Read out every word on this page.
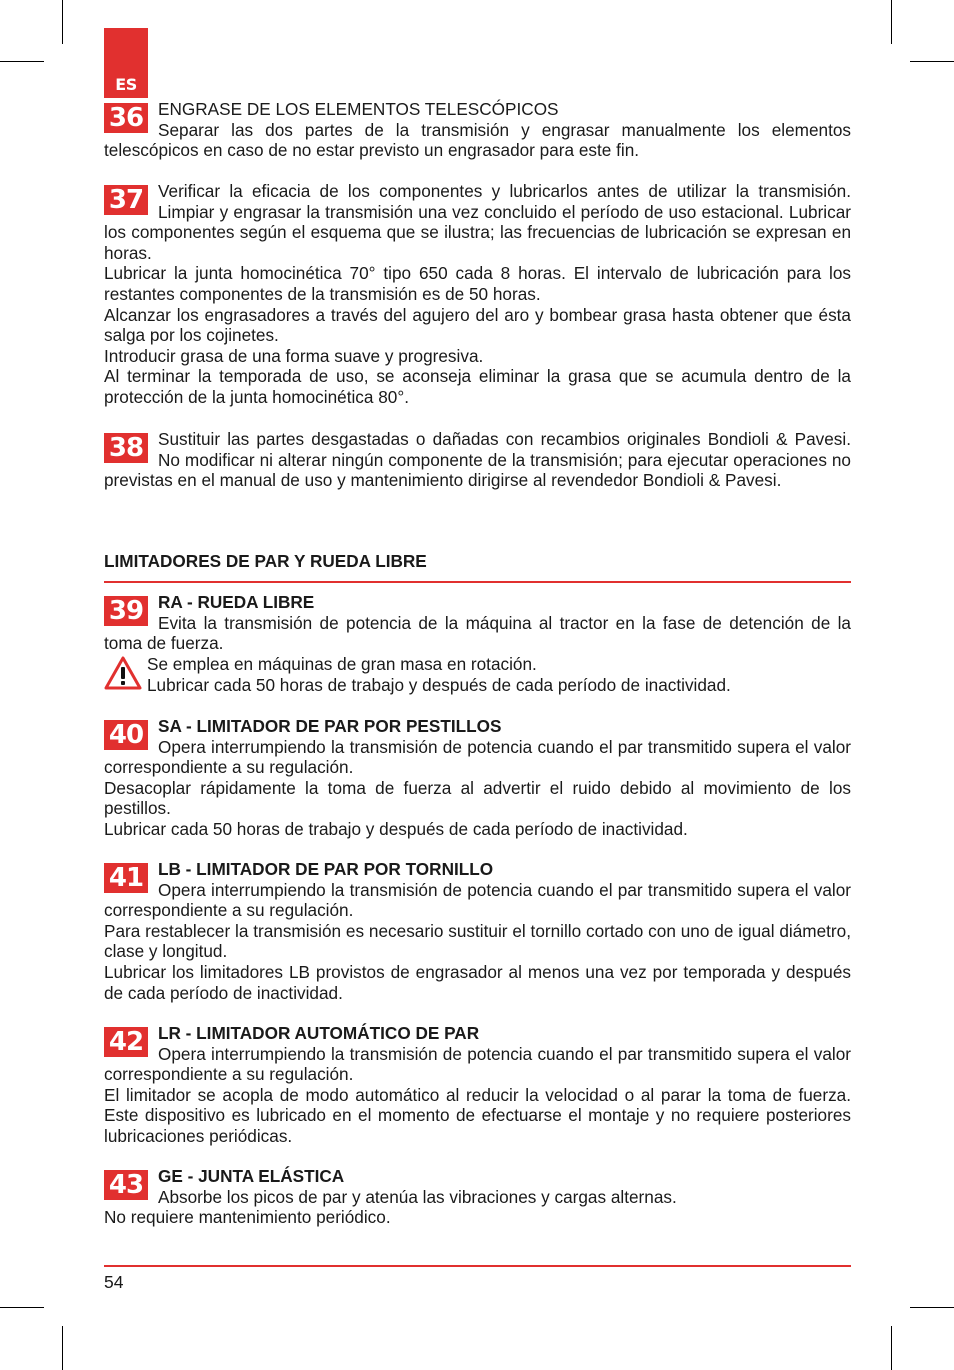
ES
36 ENGRASE DE LOS ELEMENTOS TELESCÓPICOS

Separar las dos partes de la transmisión y engrasar manualmente los elementos telescópicos en caso de no estar previsto un engrasador para este fin.

37 Verificar la eficacia de los componentes y lubricarlos antes de utilizar la transmisión. Limpiar y engrasar la transmisión una vez concluido el período de uso estacional. Lubricar los componentes según el esquema que se ilustra; las frecuencias de lubricación se expresan en horas.

Lubricar la junta homocinética 70° tipo 650 cada 8 horas. El intervalo de lubricación para los restantes componentes de la transmisión es de 50 horas.

Alcanzar los engrasadores a través del agujero del aro y bombear grasa hasta obtener que ésta salga por los cojinetes.

Introducir grasa de una forma suave y progresiva.

Al terminar la temporada de uso, se aconseja eliminar la grasa que se acumula dentro de la protección de la junta homocinética 80°.

38 Sustituir las partes desgastadas o dañadas con recambios originales Bondioli & Pavesi. No modificar ni alterar ningún componente de la transmisión; para ejecutar operaciones no previstas en el manual de uso y mantenimiento dirigirse al revendedor Bondioli & Pavesi.

LIMITADORES DE PAR Y RUEDA LIBRE
39 RA - RUEDA LIBRE

Evita la transmisión de potencia de la máquina al tractor en la fase de detención de la toma de fuerza.

Se emplea en máquinas de gran masa en rotación.
Lubricar cada 50 horas de trabajo y después de cada período de inactividad.
40 SA - LIMITADOR DE PAR POR PESTILLOS

Opera interrumpiendo la transmisión de potencia cuando el par transmitido supera el valor correspondiente a su regulación.

Desacoplar rápidamente la toma de fuerza al advertir el ruido debido al movimiento de los pestillos.

Lubricar cada 50 horas de trabajo y después de cada período de inactividad.

41 LB - LIMITADOR DE PAR POR TORNILLO

Opera interrumpiendo la transmisión de potencia cuando el par transmitido supera el valor correspondiente a su regulación.

Para restablecer la transmisión es necesario sustituir el tornillo cortado con uno de igual diámetro, clase y longitud.

Lubricar los limitadores LB provistos de engrasador al menos una vez por temporada y después de cada período de inactividad.

42 LR - LIMITADOR AUTOMÁTICO DE PAR

Opera interrumpiendo la transmisión de potencia cuando el par transmitido supera el valor correspondiente a su regulación.

El limitador se acopla de modo automático al reducir la velocidad o al parar la toma de fuerza. Este dispositivo es lubricado en el momento de efectuarse el montaje y no requiere posteriores lubricaciones periódicas.

43 GE - JUNTA ELÁSTICA

Absorbe los picos de par y atenúa las vibraciones y cargas alternas.

No requiere mantenimiento periódico.

54
